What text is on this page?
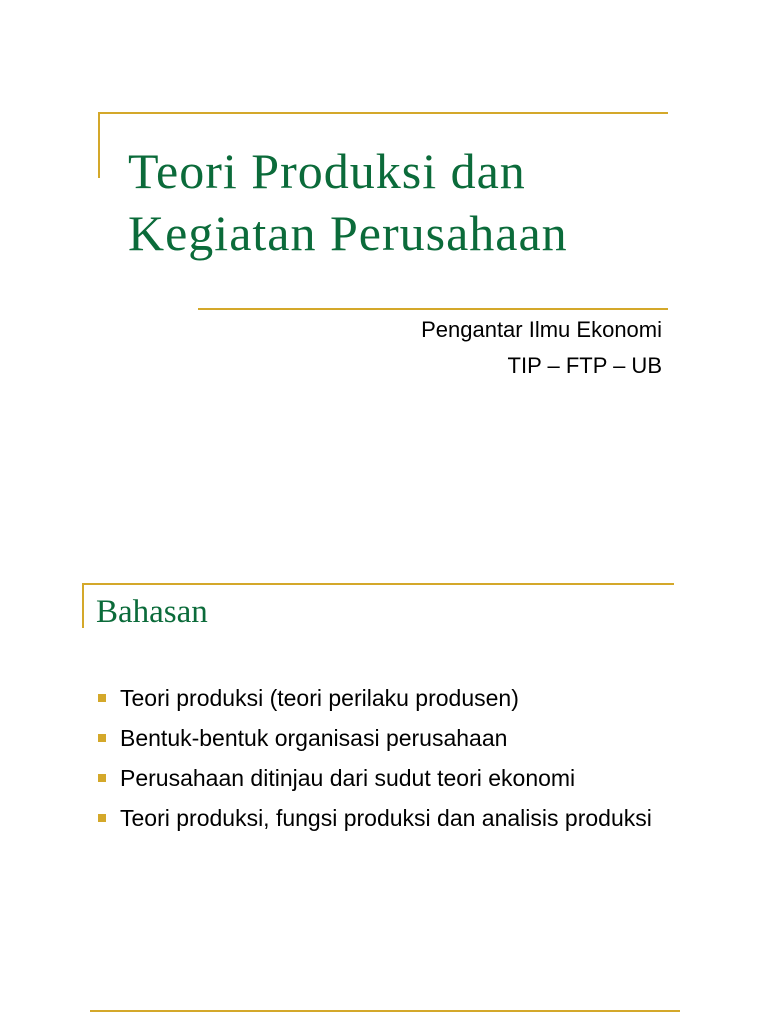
Teori Produksi dan
Kegiatan Perusahaan
Pengantar Ilmu Ekonomi
TIP – FTP – UB
Bahasan
Teori produksi (teori perilaku produsen)
Bentuk-bentuk organisasi perusahaan
Perusahaan ditinjau dari sudut teori ekonomi
Teori produksi, fungsi produksi dan analisis produksi
